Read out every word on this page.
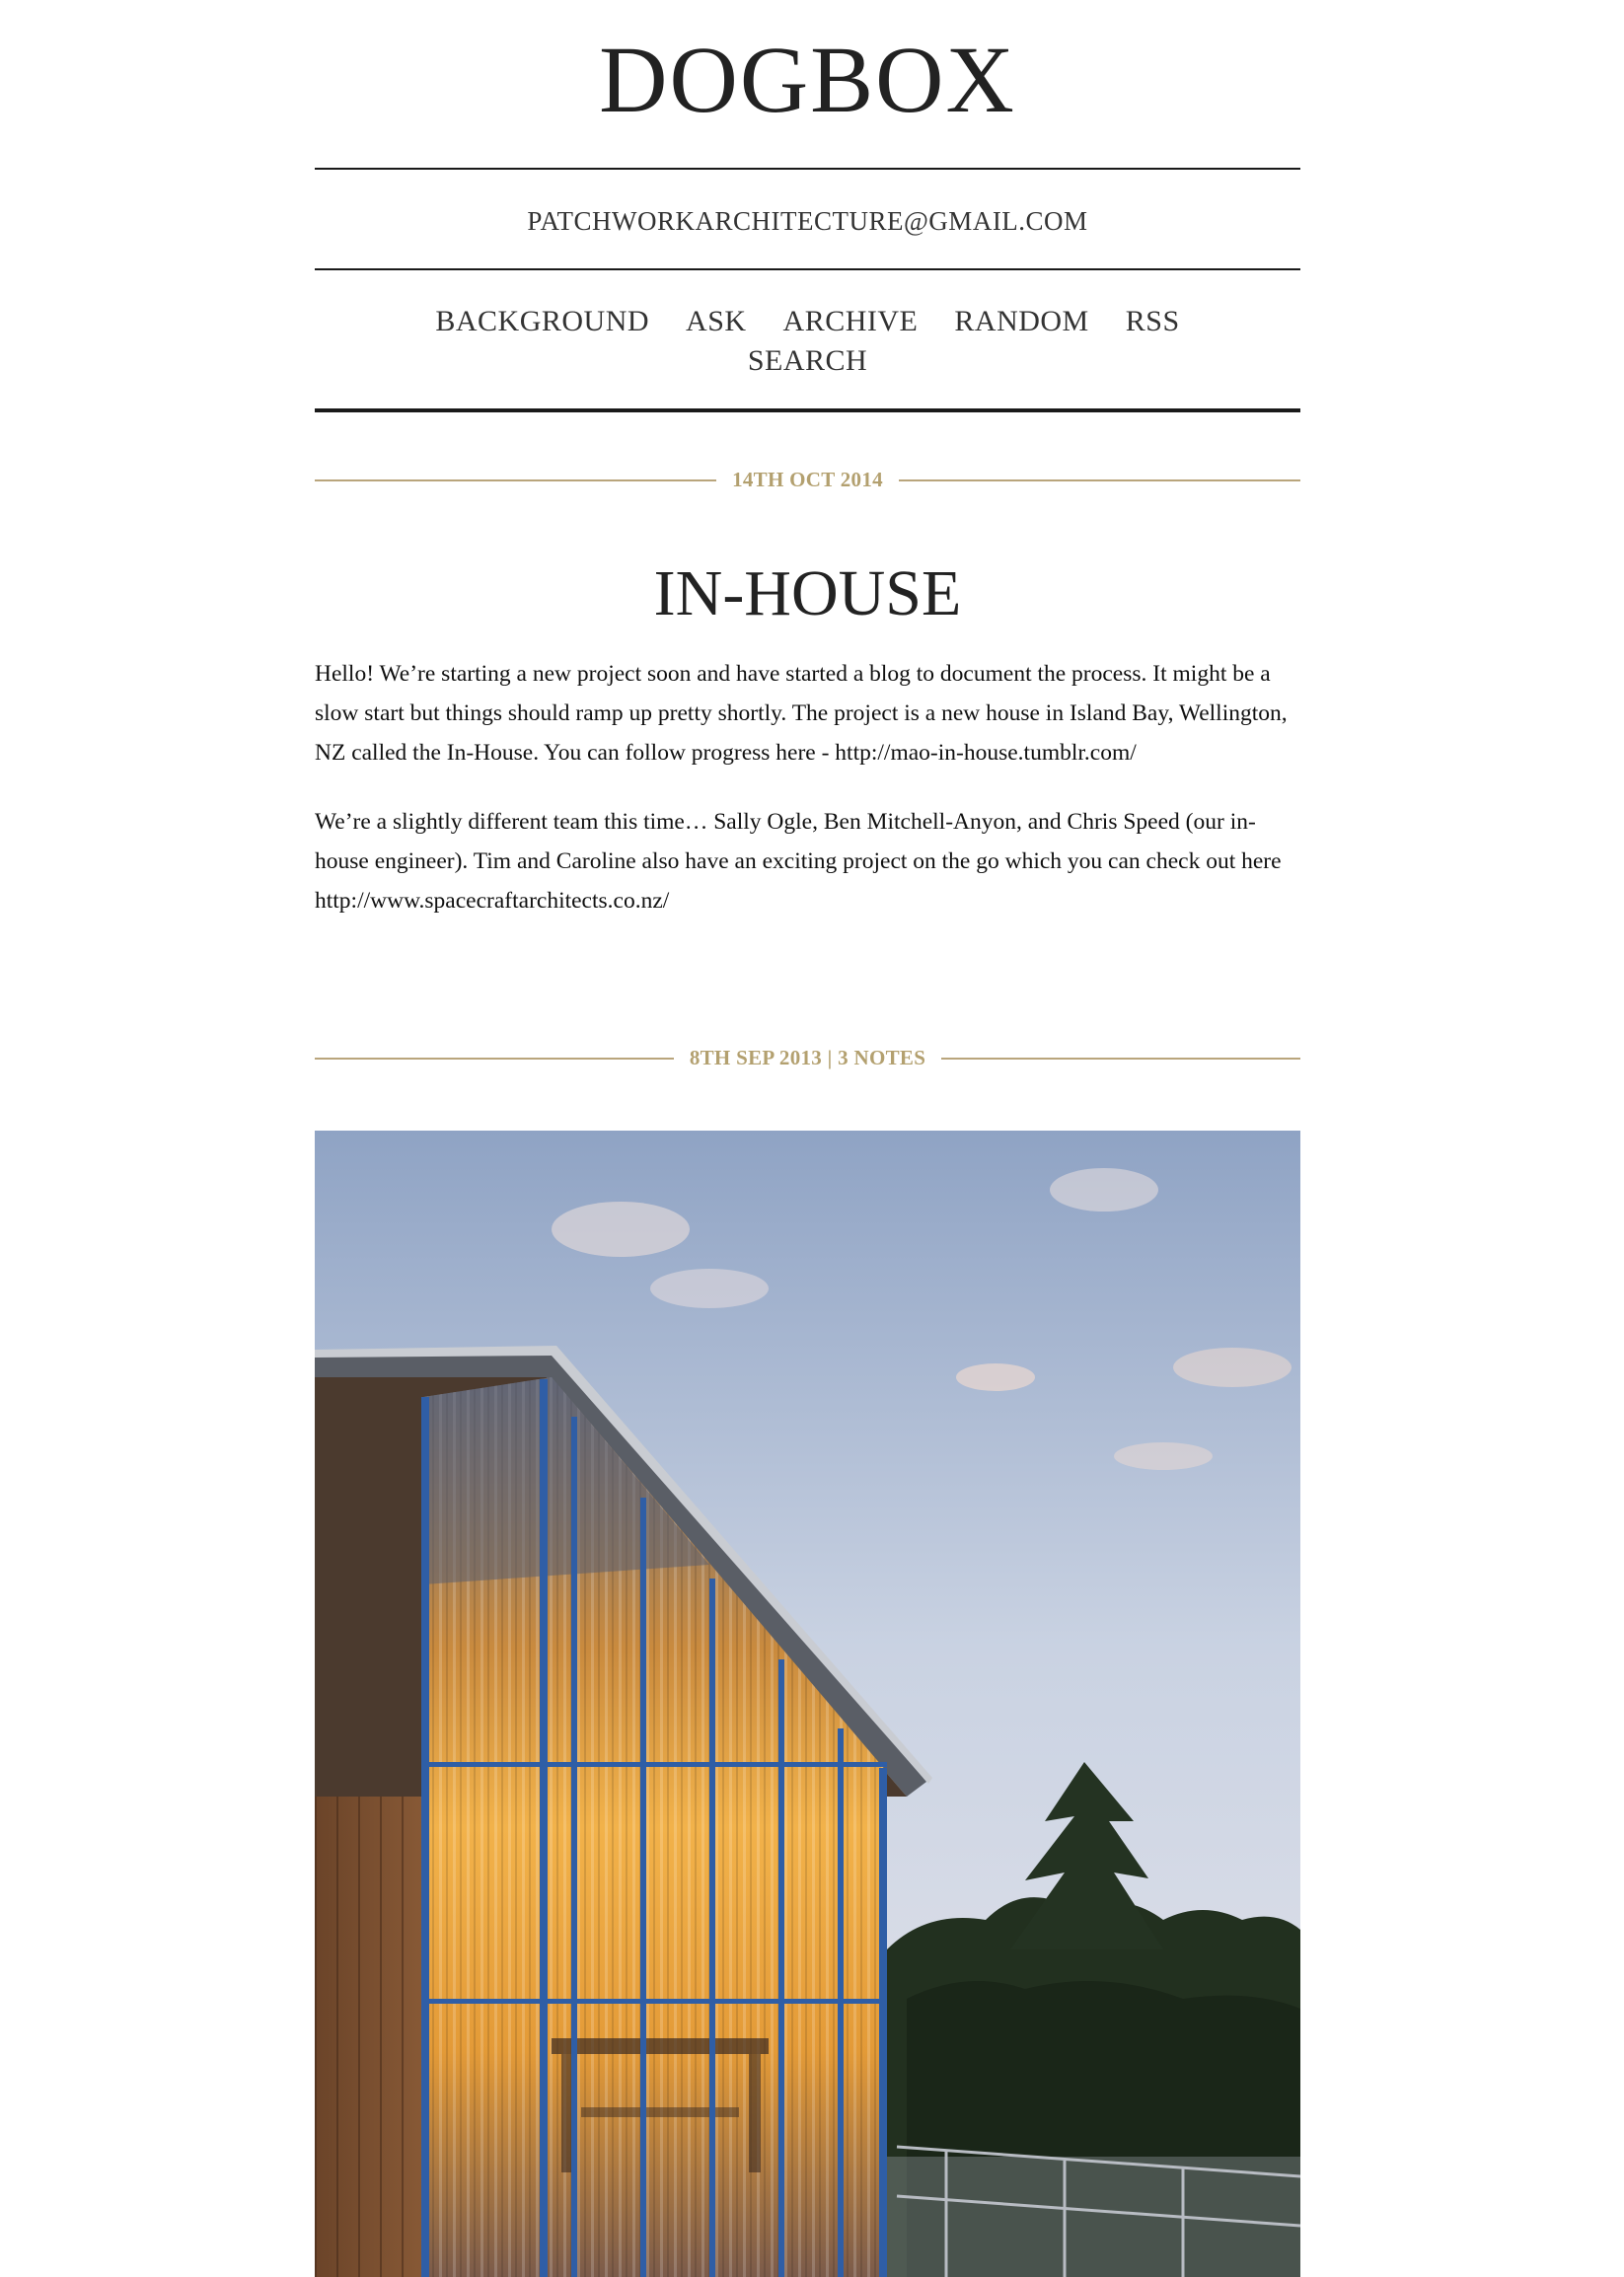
DOGBOX
PATCHWORKARCHITECTURE@GMAIL.COM
BACKGROUND ASK ARCHIVE RANDOM RSS
SEARCH
14TH OCT 2014
IN-HOUSE

Hello! We’re starting a new project soon and have started a blog to document the process. It might be a slow start but things should ramp up pretty shortly. The project is a new house in Island Bay, Wellington, NZ called the In-House. You can follow progress here - http://mao-in-house.tumblr.com/

We’re a slightly different team this time… Sally Ogle, Ben Mitchell-Anyon, and Chris Speed (our in-house engineer). Tim and Caroline also have an exciting project on the go which you can check out here http://www.spacecraftarchitects.co.nz/

8TH SEP 2013 | 3 NOTES
